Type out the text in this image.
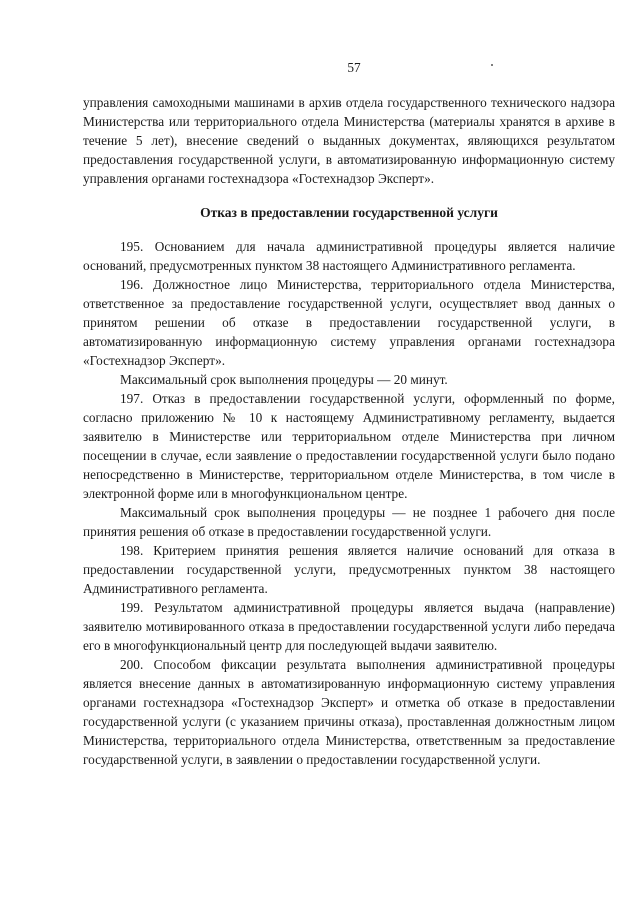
57

управления самоходными машинами в архив отдела государственного технического надзора Министерства или территориального отдела Министерства (материалы хранятся в архиве в течение 5 лет), внесение сведений о выданных документах, являющихся результатом предоставления государственной услуги, в автоматизированную информационную систему управления органами гостехнадзора «Гостехнадзор Эксперт».

Отказ в предоставлении государственной услуги

195. Основанием для начала административной процедуры является наличие оснований, предусмотренных пунктом 38 настоящего Административного регламента.

196. Должностное лицо Министерства, территориального отдела Министерства, ответственное за предоставление государственной услуги, осуществляет ввод данных о принятом решении об отказе в предоставлении государственной услуги, в автоматизированную информационную систему управления органами гостехнадзора «Гостехнадзор Эксперт».

Максимальный срок выполнения процедуры — 20 минут.

197. Отказ в предоставлении государственной услуги, оформленный по форме, согласно приложению № 10 к настоящему Административному регламенту, выдается заявителю в Министерстве или территориальном отделе Министерства при личном посещении в случае, если заявление о предоставлении государственной услуги было подано непосредственно в Министерстве, территориальном отделе Министерства, в том числе в электронной форме или в многофункциональном центре.

Максимальный срок выполнения процедуры — не позднее 1 рабочего дня после принятия решения об отказе в предоставлении государственной услуги.

198. Критерием принятия решения является наличие оснований для отказа в предоставлении государственной услуги, предусмотренных пунктом 38 настоящего Административного регламента.

199. Результатом административной процедуры является выдача (направление) заявителю мотивированного отказа в предоставлении государственной услуги либо передача его в многофункциональный центр для последующей выдачи заявителю.

200. Способом фиксации результата выполнения административной процедуры является внесение данных в автоматизированную информационную систему управления органами гостехнадзора «Гостехнадзор Эксперт» и отметка об отказе в предоставлении государственной услуги (с указанием причины отказа), проставленная должностным лицом Министерства, территориального отдела Министерства, ответственным за предоставление государственной услуги, в заявлении о предоставлении государственной услуги.
